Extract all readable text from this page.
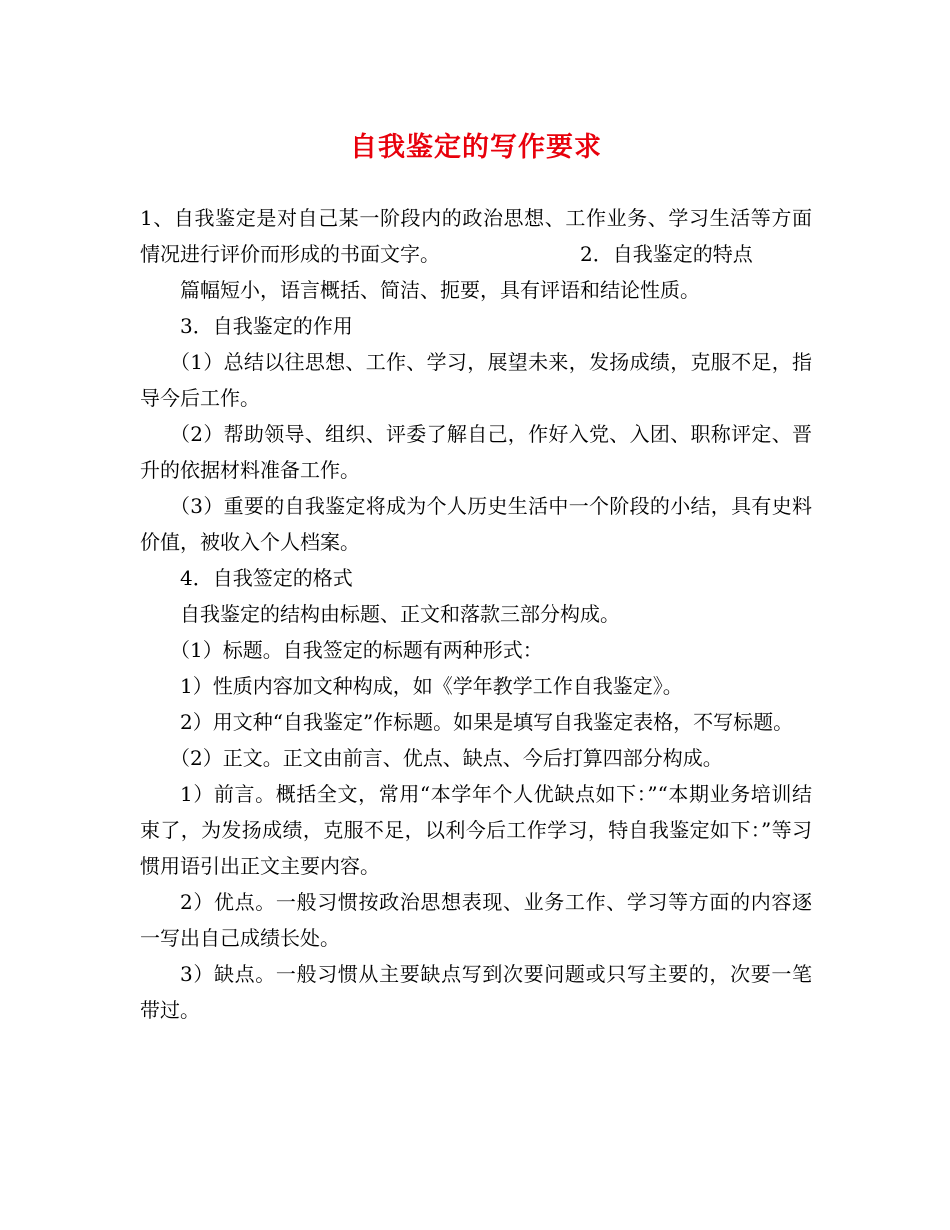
自我鉴定的写作要求

1、自我鉴定是对自己某一阶段内的政治思想、工作业务、学习生活等方面情况进行评价而形成的书面文字。	2．自我鉴定的特点

篇幅短小，语言概括、简洁、扼要，具有评语和结论性质。

3．自我鉴定的作用

（1）总结以往思想、工作、学习，展望未来，发扬成绩，克服不足，指导今后工作。

（2）帮助领导、组织、评委了解自己，作好入党、入团、职称评定、晋升的依据材料准备工作。

（3）重要的自我鉴定将成为个人历史生活中一个阶段的小结，具有史料价值，被收入个人档案。

4．自我签定的格式

自我鉴定的结构由标题、正文和落款三部分构成。

（1）标题。自我签定的标题有两种形式：

1）性质内容加文种构成，如《学年教学工作自我鉴定》。

2）用文种“自我鉴定”作标题。如果是填写自我鉴定表格，不写标题。

（2）正文。正文由前言、优点、缺点、今后打算四部分构成。

1）前言。概括全文，常用“本学年个人优缺点如下：”“本期业务培训结束了，为发扬成绩，克服不足，以利今后工作学习，特自我鉴定如下：”等习惯用语引出正文主要内容。

2）优点。一般习惯按政治思想表现、业务工作、学习等方面的内容逐一写出自己成绩长处。

3）缺点。一般习惯从主要缺点写到次要问题或只写主要的，次要一笔带过。
